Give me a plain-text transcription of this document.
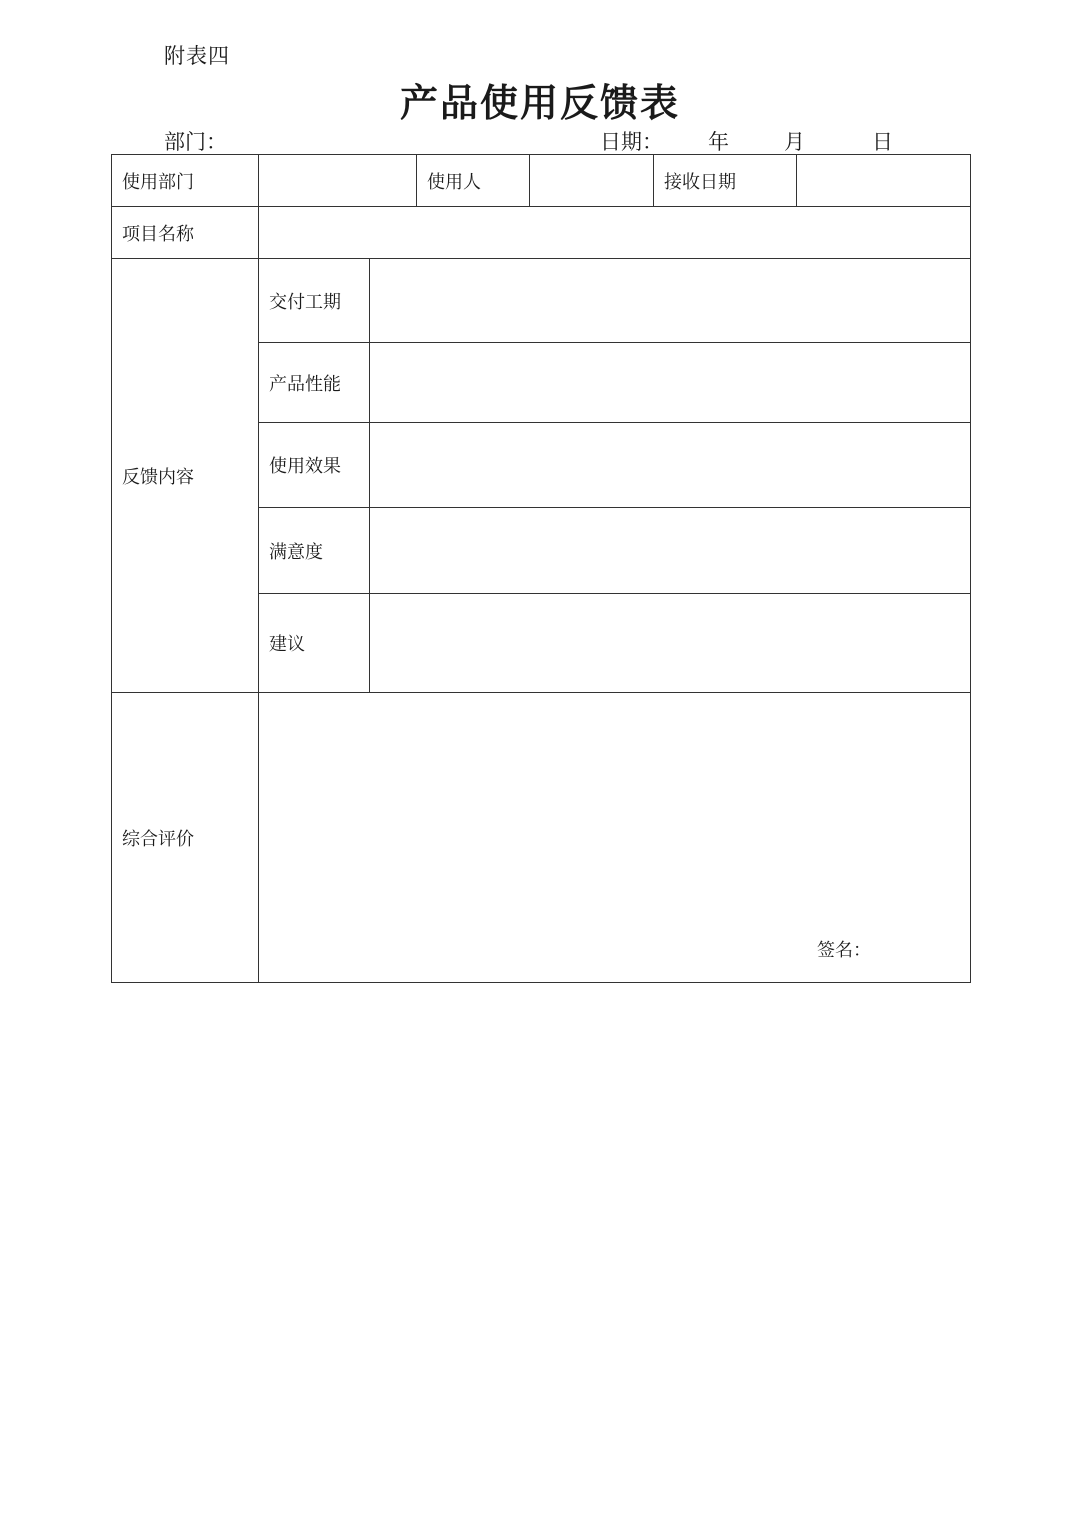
附表四
产品使用反馈表
部门：	日期： 年	月	日
使用部门			使用人		接收日期	
项目名称						
反馈内容	交付工期					
	产品性能					
	使用效果					
	满意度					
	建议					
综合评价	签名：					
